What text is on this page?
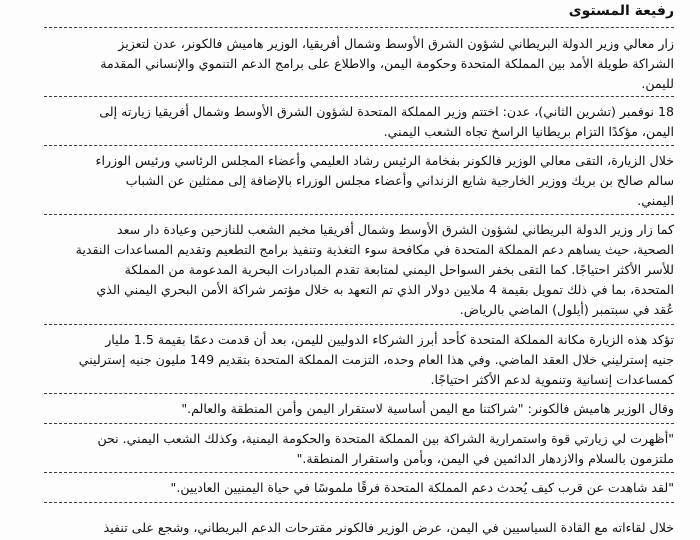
رفيعة المستوى
زار معالي وزير الدولة البريطاني لشؤون الشرق الأوسط وشمال أفريقيا، الوزير هاميش فالكونر، عدن لتعزيز
الشراكة طويلة الأمد بين المملكة المتحدة وحكومة اليمن، والاطلاع على برامج الدعم التنموي والإنساني المقدمة
لليمن.
18 نوفمبر (تشرين الثاني)، عدن: اختتم وزير المملكة المتحدة لشؤون الشرق الأوسط وشمال أفريقيا زيارته إلى
اليمن، مؤكدًا التزام بريطانيا الراسخ تجاه الشعب اليمني.
خلال الزيارة، التقى معالي الوزير فالكونر بفخامة الرئيس رشاد العليمي وأعضاء المجلس الرئاسي ورئيس الوزراء
سالم صالح بن بريك ووزير الخارجية شايع الزنداني وأعضاء مجلس الوزراء بالإضافة إلى ممثلين عن الشباب
اليمني.
كما زار وزير الدولة البريطاني لشؤون الشرق الأوسط وشمال أفريقيا مخيم الشعب للنازحين وعيادة دار سعد
الصحية، حيث يساهم دعم المملكة المتحدة في مكافحة سوء التغذية وتنفيذ برامج التطعيم وتقديم المساعدات النقدية
للأسر الأكثر احتياجًا. كما التقى بخفر السواحل اليمني لمتابعة تقدم المبادرات البحرية المدعومة من المملكة
المتحدة، بما في ذلك تمويل بقيمة 4 ملايين دولار الذي تم التعهد به خلال مؤتمر شراكة الأمن البحري اليمني الذي
عُقد في سبتمبر (أيلول) الماضي بالرياض.
تؤكد هذه الزيارة مكانة المملكة المتحدة كأحد أبرز الشركاء الدوليين لليمن، بعد أن قدمت دعمًا بقيمة 1.5 مليار
جنيه إسترليني خلال العقد الماضي. وفي هذا العام وحده، التزمت المملكة المتحدة بتقديم 149 مليون جنيه إسترليني
كمساعدات إنسانية وتنموية لدعم الأكثر احتياجًا.
وقال الوزير هاميش فالكونر: "شراكتنا مع اليمن أساسية لاستقرار اليمن وأمن المنطقة والعالم."
"أظهرت لي زيارتي قوة واستمرارية الشراكة بين المملكة المتحدة والحكومة اليمنية، وكذلك الشعب اليمني. نحن
ملتزمون بالسلام والازدهار الدائمين في اليمن، وبأمن واستقرار المنطقة."
"لقد شاهدت عن قرب كيف يُحدث دعم المملكة المتحدة فرقًا ملموسًا في حياة اليمنيين العاديين."
خلال لقاءاته مع القادة السياسيين في اليمن، عرض الوزير فالكونر مقترحات الدعم البريطاني، وشجع على تنفيذ
